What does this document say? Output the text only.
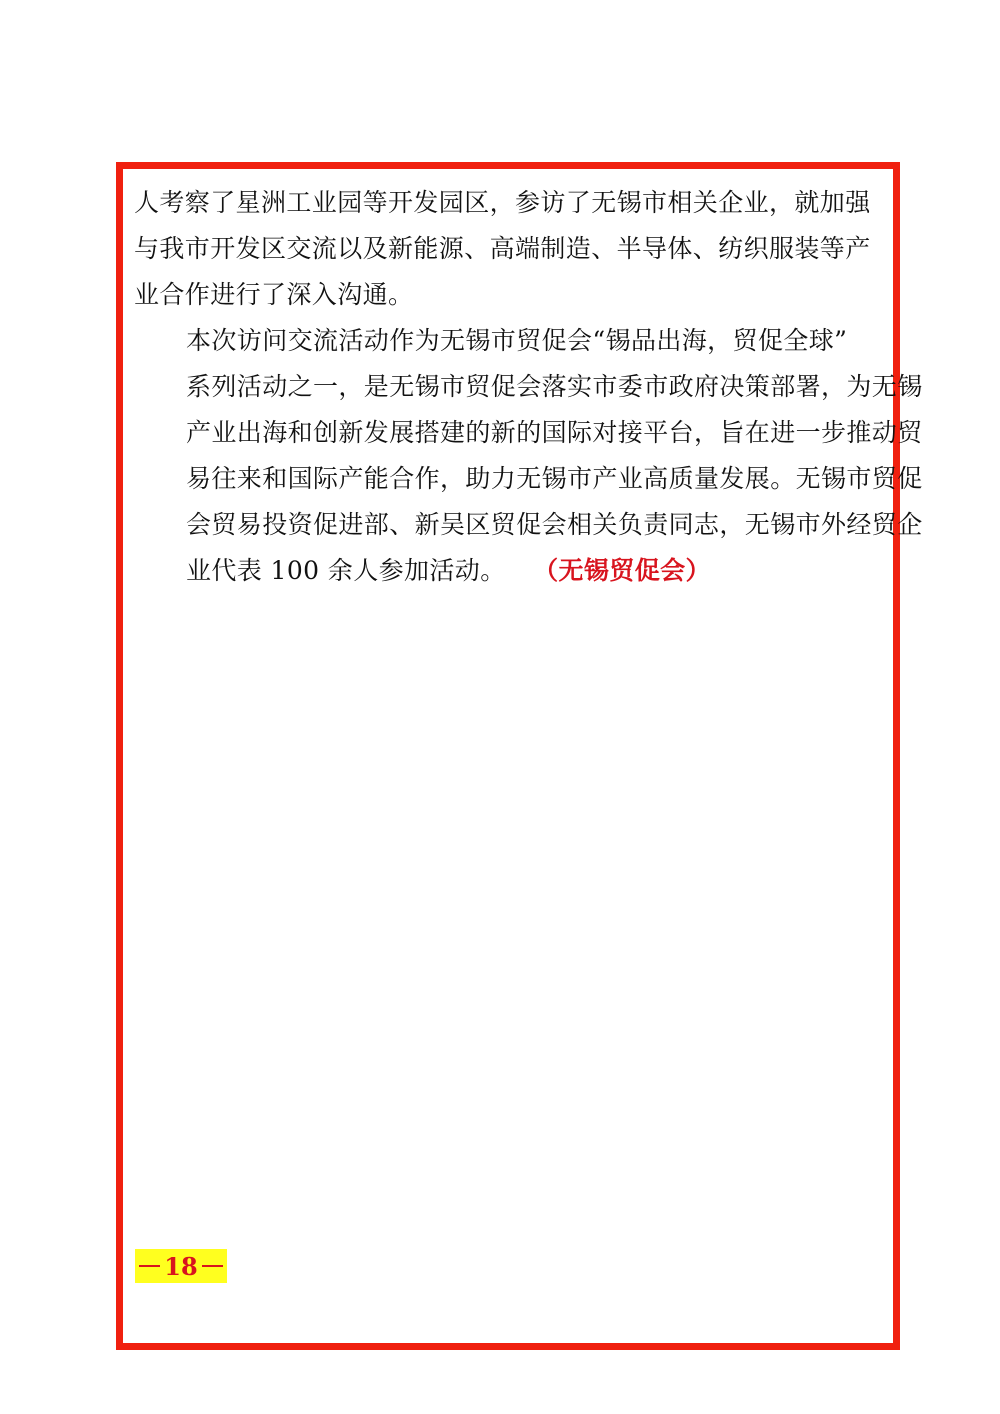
人考察了星洲工业园等开发园区，参访了无锡市相关企业，就加强
与我市开发区交流以及新能源、高端制造、半导体、纺织服装等产
业合作进行了深入沟通。

本次访问交流活动作为无锡市贸促会“锡品出海，贸促全球”
系列活动之一，是无锡市贸促会落实市委市政府决策部署，为无锡
产业出海和创新发展搭建的新的国际对接平台，旨在进一步推动贸
易往来和国际产能合作，助力无锡市产业高质量发展。无锡市贸促
会贸易投资促进部、新吴区贸促会相关负责同志，无锡市外经贸企
业代表 100 余人参加活动。 （无锡贸促会）

18
